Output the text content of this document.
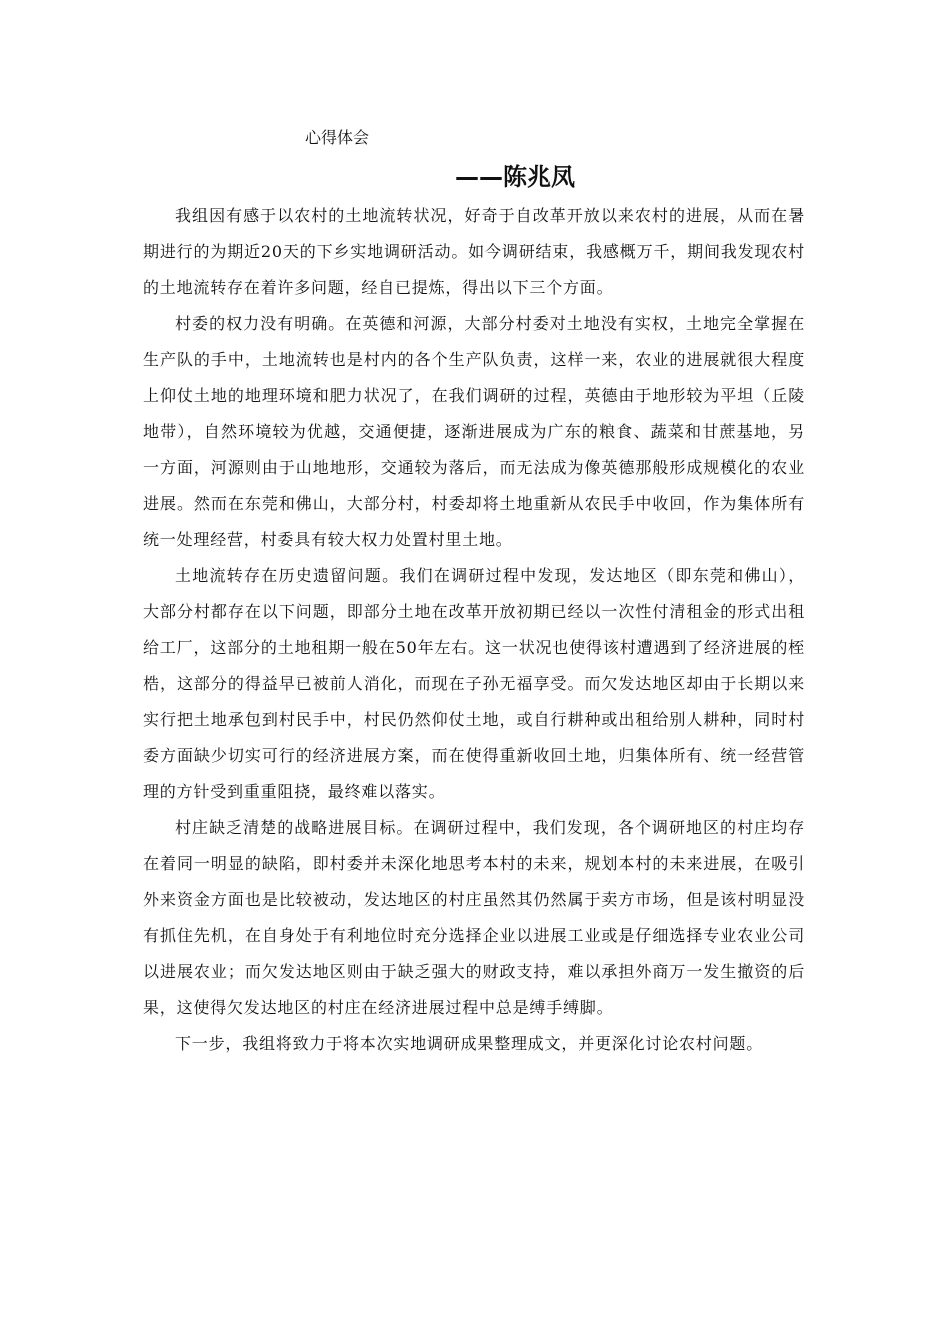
心得体会
——陈兆凤

我组因有感于以农村的土地流转状况，好奇于自改革开放以来农村的进展，从而在暑期进行的为期近20天的下乡实地调研活动。如今调研结束，我感概万千，期间我发现农村的土地流转存在着许多问题，经自已提炼，得出以下三个方面。

村委的权力没有明确。在英德和河源，大部分村委对土地没有实权，土地完全掌握在生产队的手中，土地流转也是村内的各个生产队负责，这样一来，农业的进展就很大程度上仰仗土地的地理环境和肥力状况了，在我们调研的过程，英德由于地形较为平坦（丘陵地带），自然环境较为优越，交通便捷，逐渐进展成为广东的粮食、蔬菜和甘蔗基地，另一方面，河源则由于山地地形，交通较为落后，而无法成为像英德那般形成规模化的农业进展。然而在东莞和佛山，大部分村，村委却将土地重新从农民手中收回，作为集体所有统一处理经营，村委具有较大权力处置村里土地。

土地流转存在历史遗留问题。我们在调研过程中发现，发达地区（即东莞和佛山），大部分村都存在以下问题，即部分土地在改革开放初期已经以一次性付清租金的形式出租给工厂，这部分的土地租期一般在50年左右。这一状况也使得该村遭遇到了经济进展的桎梏，这部分的得益早已被前人消化，而现在子孙无福享受。而欠发达地区却由于长期以来实行把土地承包到村民手中，村民仍然仰仗土地，或自行耕种或出租给别人耕种，同时村委方面缺少切实可行的经济进展方案，而在使得重新收回土地，归集体所有、统一经营管理的方针受到重重阻挠，最终难以落实。

村庄缺乏清楚的战略进展目标。在调研过程中，我们发现，各个调研地区的村庄均存在着同一明显的缺陷，即村委并未深化地思考本村的未来，规划本村的未来进展，在吸引外来资金方面也是比较被动，发达地区的村庄虽然其仍然属于卖方市场，但是该村明显没有抓住先机，在自身处于有利地位时充分选择企业以进展工业或是仔细选择专业农业公司以进展农业；而欠发达地区则由于缺乏强大的财政支持，难以承担外商万一发生撤资的后果，这使得欠发达地区的村庄在经济进展过程中总是缚手缚脚。

下一步，我组将致力于将本次实地调研成果整理成文，并更深化讨论农村问题。
